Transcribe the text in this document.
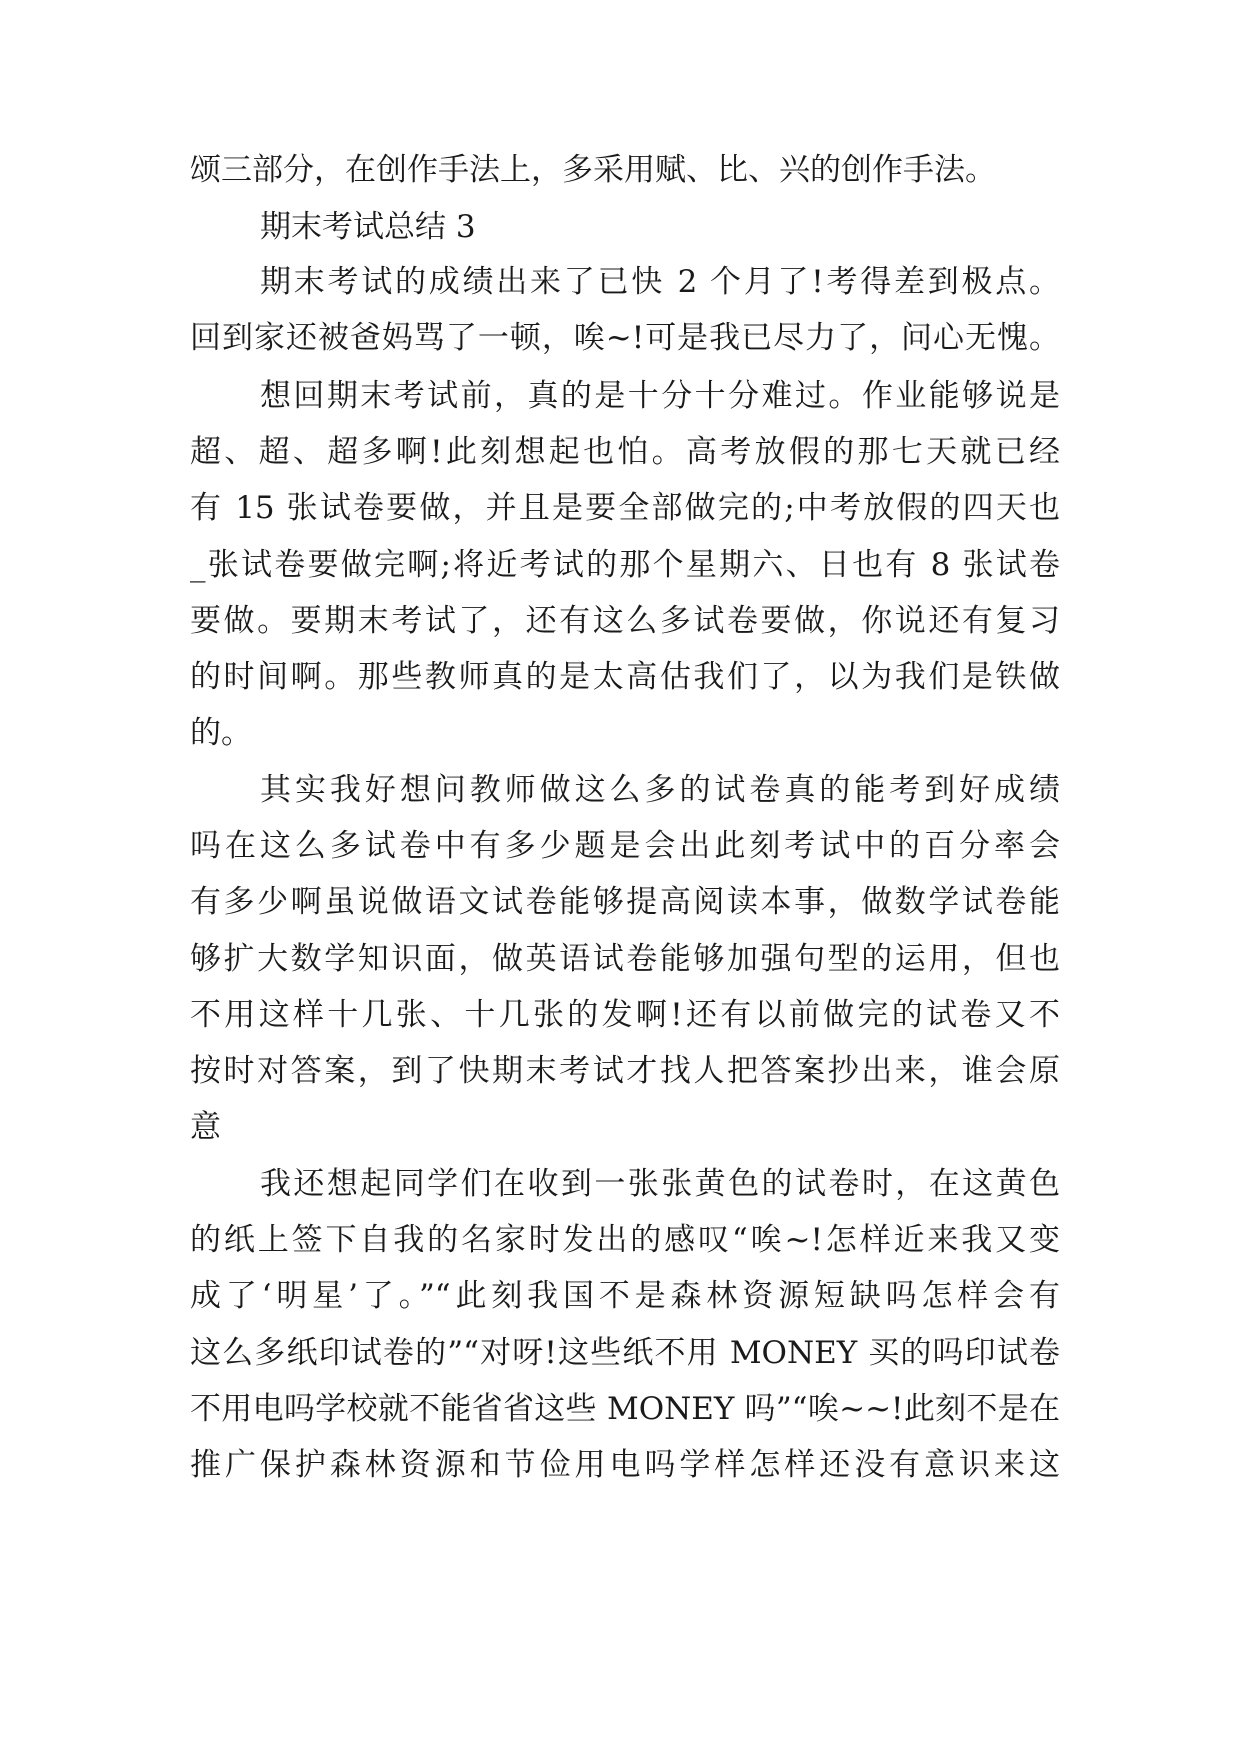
颂三部分，在创作手法上，多采用赋、比、兴的创作手法。
期末考试总结 3
期末考试的成绩出来了已快 2 个月了!考得差到极点。
回到家还被爸妈骂了一顿，唉~!可是我已尽力了，问心无愧。
想回期末考试前，真的是十分十分难过。作业能够说是
超、超、超多啊!此刻想起也怕。高考放假的那七天就已经
有 15 张试卷要做，并且是要全部做完的;中考放假的四天也
_张试卷要做完啊;将近考试的那个星期六、日也有 8 张试卷
要做。要期末考试了，还有这么多试卷要做，你说还有复习
的时间啊。那些教师真的是太高估我们了，以为我们是铁做
的。
其实我好想问教师做这么多的试卷真的能考到好成绩
吗在这么多试卷中有多少题是会出此刻考试中的百分率会
有多少啊虽说做语文试卷能够提高阅读本事，做数学试卷能
够扩大数学知识面，做英语试卷能够加强句型的运用，但也
不用这样十几张、十几张的发啊!还有以前做完的试卷又不
按时对答案，到了快期末考试才找人把答案抄出来，谁会原
意
我还想起同学们在收到一张张黄色的试卷时，在这黄色
的纸上签下自我的名家时发出的感叹“唉~!怎样近来我又变
成了‘明星’了。”“此刻我国不是森林资源短缺吗怎样会有
这么多纸印试卷的”“对呀!这些纸不用 MONEY 买的吗印试卷
不用电吗学校就不能省省这些 MONEY 吗”“唉~~!此刻不是在
推广保护森林资源和节俭用电吗学样怎样还没有意识来这
